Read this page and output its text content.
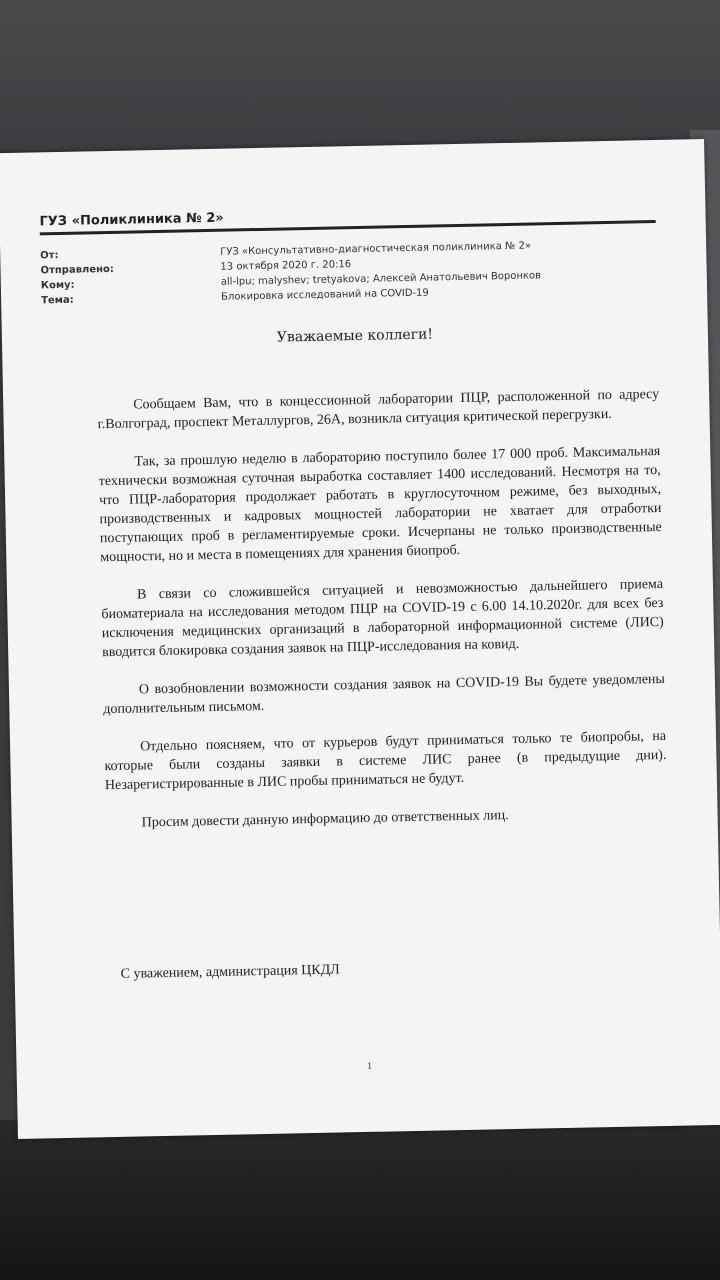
ГУЗ «Поликлиника № 2»
От:	ГУЗ «Консультативно-диагностическая поликлиника № 2»
Отправлено:	13 октября 2020 г. 20:16
Кому:	all-lpu; malyshev; tretyakova; Алексей Анатольевич Воронков
Тема:	Блокировка исследований на COVID-19
Уважаемые коллеги!

Сообщаем Вам, что в концессионной лаборатории ПЦР, расположенной по адресу г.Волгоград, проспект Металлургов, 26А, возникла ситуация критической перегрузки.

Так, за прошлую неделю в лабораторию поступило более 17 000 проб. Максимальная технически возможная суточная выработка составляет 1400 исследований. Несмотря на то, что ПЦР-лаборатория продолжает работать в круглосуточном режиме, без выходных, производственных и кадровых мощностей лаборатории не хватает для отработки поступающих проб в регламентируемые сроки. Исчерпаны не только производственные мощности, но и места в помещениях для хранения биопроб.

В связи со сложившейся ситуацией и невозможностью дальнейшего приема биоматериала на исследования методом ПЦР на COVID-19 с 6.00 14.10.2020г. для всех без исключения медицинских организаций в лабораторной информационной системе (ЛИС) вводится блокировка создания заявок на ПЦР-исследования на ковид.

О возобновлении возможности создания заявок на COVID-19 Вы будете уведомлены дополнительным письмом.

Отдельно поясняем, что от курьеров будут приниматься только те биопробы, на которые были созданы заявки в системе ЛИС ранее (в предыдущие дни). Незарегистрированные в ЛИС пробы приниматься не будут.

Просим довести данную информацию до ответственных лиц.

С уважением, администрация ЦКДЛ
1
